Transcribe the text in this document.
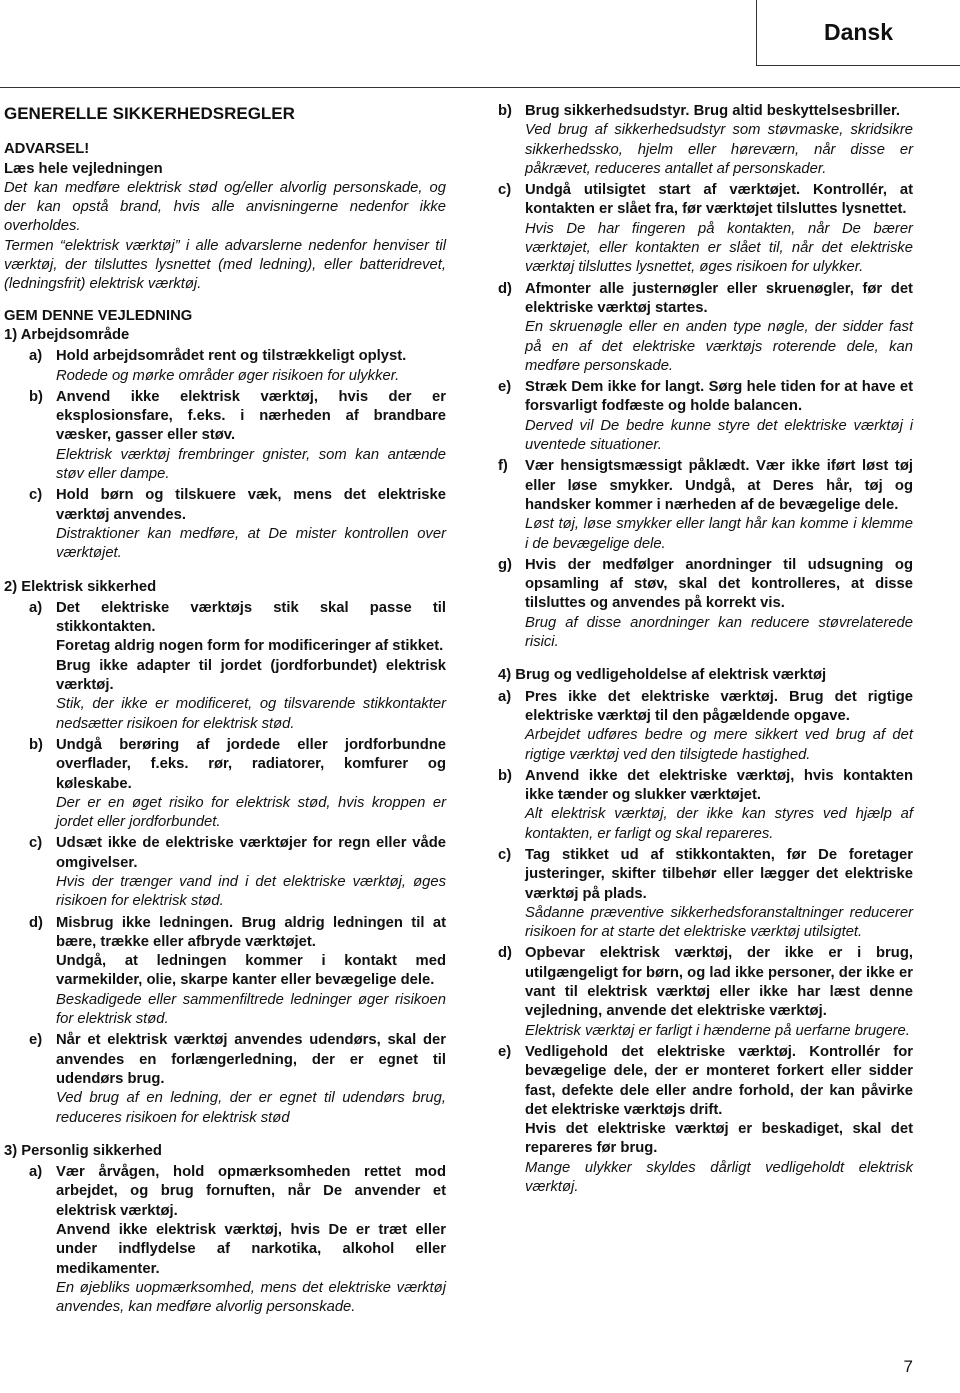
Dansk

GENERELLE SIKKERHEDSREGLER

ADVARSEL!

Læs hele vejledningen

Det kan medføre elektrisk stød og/eller alvorlig personskade, og der kan opstå brand, hvis alle anvisningerne nedenfor ikke overholdes.

Termen “elektrisk værktøj” i alle advarslerne nedenfor henviser til værktøj, der tilsluttes lysnettet (med ledning), eller batteridrevet, (ledningsfrit) elektrisk værktøj.

GEM DENNE VEJLEDNING

1) Arbejdsområde

a) Hold arbejdsområdet rent og tilstrækkeligt oplyst.

Rodede og mørke områder øger risikoen for ulykker.

b) Anvend ikke elektrisk værktøj, hvis der er eksplosionsfare, f.eks. i nærheden af brandbare væsker, gasser eller støv.

Elektrisk værktøj frembringer gnister, som kan antænde støv eller dampe.

c) Hold børn og tilskuere væk, mens det elektriske værktøj anvendes.

Distraktioner kan medføre, at De mister kontrollen over værktøjet.

2) Elektrisk sikkerhed

a) Det elektriske værktøjs stik skal passe til stikkontakten.

Foretag aldrig nogen form for modificeringer af stikket.

Brug ikke adapter til jordet (jordforbundet) elektrisk værktøj.

Stik, der ikke er modificeret, og tilsvarende stikkontakter nedsætter risikoen for elektrisk stød.

b) Undgå berøring af jordede eller jordforbundne overflader, f.eks. rør, radiatorer, komfurer og køleskabe.

Der er en øget risiko for elektrisk stød, hvis kroppen er jordet eller jordforbundet.

c) Udsæt ikke de elektriske værktøjer for regn eller våde omgivelser.

Hvis der trænger vand ind i det elektriske værktøj, øges risikoen for elektrisk stød.

d) Misbrug ikke ledningen. Brug aldrig ledningen til at bære, trække eller afbryde værktøjet.

Undgå, at ledningen kommer i kontakt med varmekilder, olie, skarpe kanter eller bevægelige dele.

Beskadigede eller sammenfiltrede ledninger øger risikoen for elektrisk stød.

e) Når et elektrisk værktøj anvendes udendørs, skal der anvendes en forlængerledning, der er egnet til udendørs brug.

Ved brug af en ledning, der er egnet til udendørs brug, reduceres risikoen for elektrisk stød

3) Personlig sikkerhed

a) Vær årvågen, hold opmærksomheden rettet mod arbejdet, og brug fornuften, når De anvender et elektrisk værktøj.

Anvend ikke elektrisk værktøj, hvis De er træt eller under indflydelse af narkotika, alkohol eller medikamenter.

En øjebliks uopmærksomhed, mens det elektriske værktøj anvendes, kan medføre alvorlig personskade.

b) Brug sikkerhedsudstyr. Brug altid beskyttelsesbriller.

Ved brug af sikkerhedsudstyr som støvmaske, skridsikre sikkerhedssko, hjelm eller høreværn, når disse er påkrævet, reduceres antallet af personskader.

c) Undgå utilsigtet start af værktøjet. Kontrollér, at kontakten er slået fra, før værktøjet tilsluttes lysnettet.

Hvis De har fingeren på kontakten, når De bærer værktøjet, eller kontakten er slået til, når det elektriske værktøj tilsluttes lysnettet, øges risikoen for ulykker.

d) Afmonter alle justernøgler eller skruenøgler, før det elektriske værktøj startes.

En skruenøgle eller en anden type nøgle, der sidder fast på en af det elektriske værktøjs roterende dele, kan medføre personskade.

e) Stræk Dem ikke for langt. Sørg hele tiden for at have et forsvarligt fodfæste og holde balancen.

Derved vil De bedre kunne styre det elektriske værktøj i uventede situationer.

f)	Vær hensigtsmæssigt påklædt. Vær ikke iført løst tøj eller løse smykker. Undgå, at Deres hår, tøj og handsker kommer i nærheden af de bevægelige dele.

Løst tøj, løse smykker eller langt hår kan komme i klemme i de bevægelige dele.

g) Hvis der medfølger anordninger til udsugning og opsamling af støv, skal det kontrolleres, at disse tilsluttes og anvendes på korrekt vis.

Brug af disse anordninger kan reducere støvrelaterede risici.

4) Brug og vedligeholdelse af elektrisk værktøj

a) Pres ikke det elektriske værktøj. Brug det rigtige elektriske værktøj til den pågældende opgave.

Arbejdet udføres bedre og mere sikkert ved brug af det rigtige værktøj ved den tilsigtede hastighed.

b) Anvend ikke det elektriske værktøj, hvis kontakten ikke tænder og slukker værktøjet.

Alt elektrisk værktøj, der ikke kan styres ved hjælp af kontakten, er farligt og skal repareres.

c) Tag stikket ud af stikkontakten, før De foretager justeringer, skifter tilbehør eller lægger det elektriske værktøj på plads.

Sådanne præventive sikkerhedsforanstaltninger reducerer risikoen for at starte det elektriske værktøj utilsigtet.

d) Opbevar elektrisk værktøj, der ikke er i brug, utilgængeligt for børn, og lad ikke personer, der ikke er vant til elektrisk værktøj eller ikke har læst denne vejledning, anvende det elektriske værktøj.

Elektrisk værktøj er farligt i hænderne på uerfarne brugere.

e) Vedligehold det elektriske værktøj. Kontrollér for bevægelige dele, der er monteret forkert eller sidder fast, defekte dele eller andre forhold, der kan påvirke det elektriske værktøjs drift.

Hvis det elektriske værktøj er beskadiget, skal det repareres før brug.

Mange ulykker skyldes dårligt vedligeholdt elektrisk værktøj.

7
